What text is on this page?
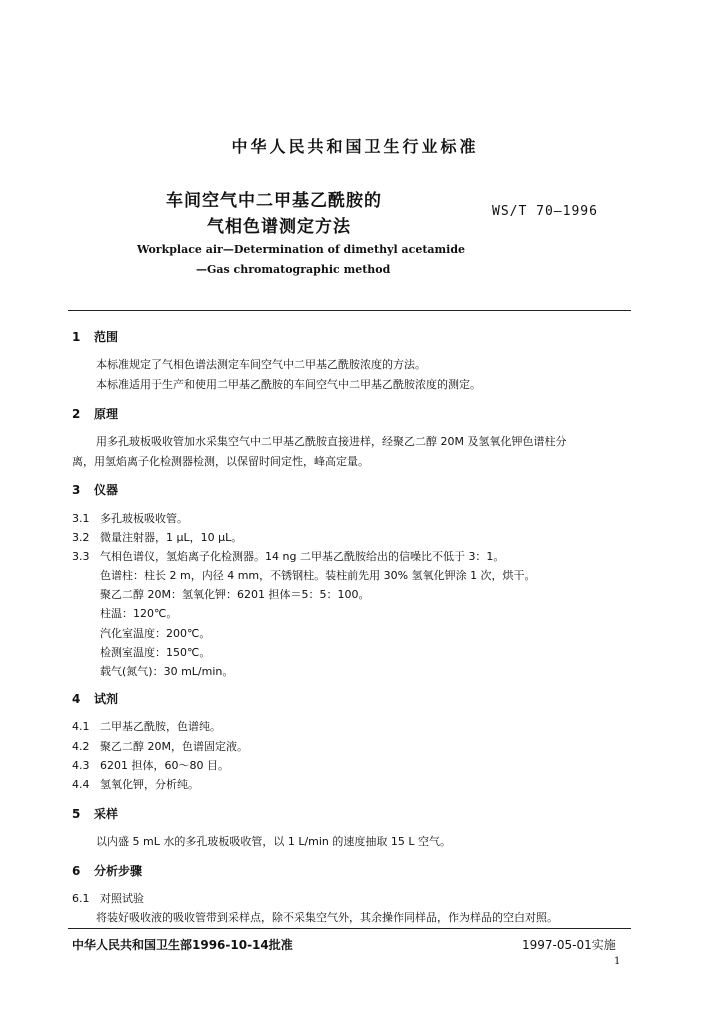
中华人民共和国卫生行业标准
车间空气中二甲基乙酰胺的
气相色谱测定方法
WS/T 70—1996
Workplace air—Determination of dimethyl acetamide
—Gas chromatographic method
1 范围
本标准规定了气相色谱法测定车间空气中二甲基乙酰胺浓度的方法。
本标准适用于生产和使用二甲基乙酰胺的车间空气中二甲基乙酰胺浓度的测定。
2 原理
用多孔玻板吸收管加水采集空气中二甲基乙酰胺直接进样，经聚乙二醇 20M 及氢氧化钾色谱柱分
离，用氢焰离子化检测器检测，以保留时间定性，峰高定量。
3 仪器
3.1 多孔玻板吸收管。
3.2 微量注射器，1 μL，10 μL。
3.3 气相色谱仪，氢焰离子化检测器。14 ng 二甲基乙酰胺给出的信噪比不低于 3：1。
色谱柱：柱长 2 m，内径 4 mm，不锈钢柱。装柱前先用 30% 氢氧化钾涂 1 次，烘干。
聚乙二醇 20M：氢氧化钾：6201 担体＝5：5：100。
柱温：120℃。
汽化室温度：200℃。
检测室温度：150℃。
载气(氮气)：30 mL/min。
4 试剂
4.1 二甲基乙酰胺，色谱纯。
4.2 聚乙二醇 20M，色谱固定液。
4.3 6201 担体，60～80 目。
4.4 氢氧化钾，分析纯。
5 采样
以内盛 5 mL 水的多孔玻板吸收管，以 1 L/min 的速度抽取 15 L 空气。
6 分析步骤
6.1 对照试验
将装好吸收液的吸收管带到采样点，除不采集空气外，其余操作同样品，作为样品的空白对照。
中华人民共和国卫生部1996-10-14批准	1997-05-01实施
1
